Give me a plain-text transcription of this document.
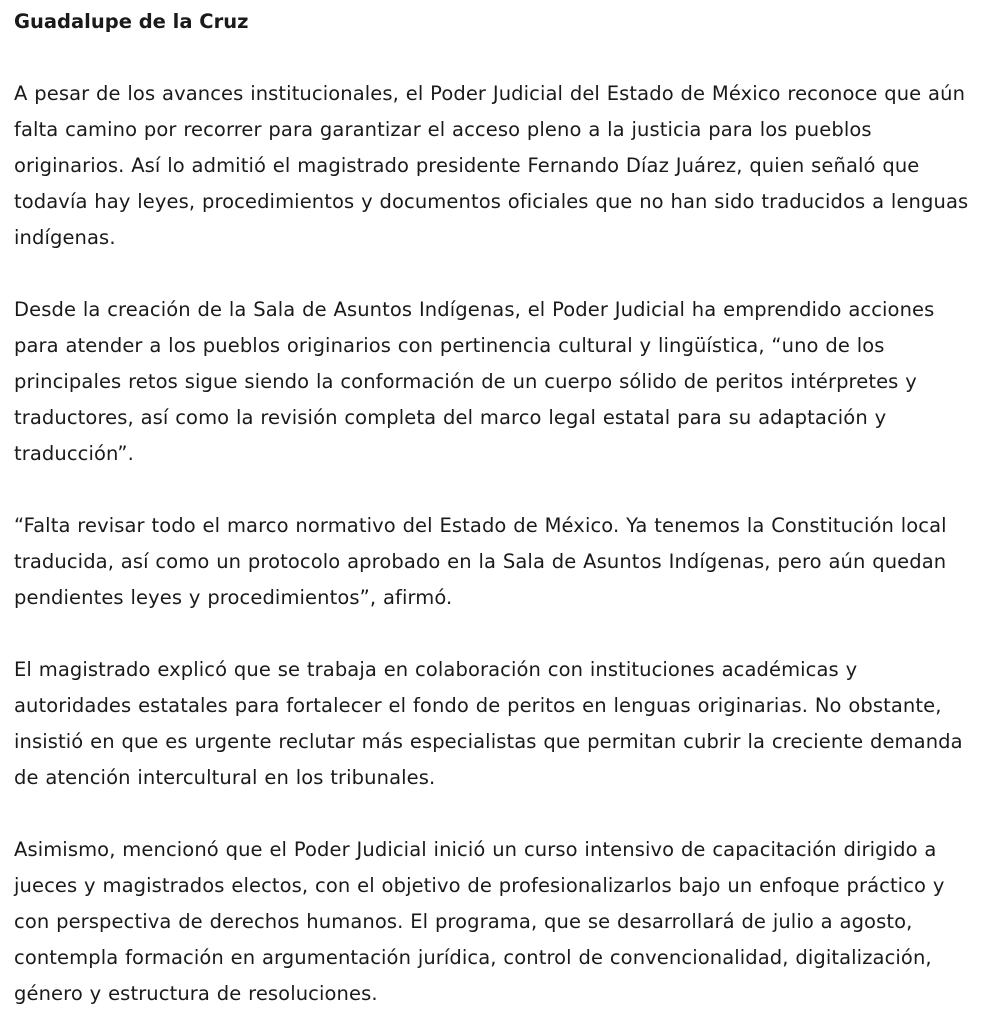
Guadalupe de la Cruz

A pesar de los avances institucionales, el Poder Judicial del Estado de México reconoce que aún falta camino por recorrer para garantizar el acceso pleno a la justicia para los pueblos originarios. Así lo admitió el magistrado presidente Fernando Díaz Juárez, quien señaló que todavía hay leyes, procedimientos y documentos oficiales que no han sido traducidos a lenguas indígenas.

Desde la creación de la Sala de Asuntos Indígenas, el Poder Judicial ha emprendido acciones para atender a los pueblos originarios con pertinencia cultural y lingüística, “uno de los principales retos sigue siendo la conformación de un cuerpo sólido de peritos intérpretes y traductores, así como la revisión completa del marco legal estatal para su adaptación y traducción”.

“Falta revisar todo el marco normativo del Estado de México. Ya tenemos la Constitución local traducida, así como un protocolo aprobado en la Sala de Asuntos Indígenas, pero aún quedan pendientes leyes y procedimientos”, afirmó.

El magistrado explicó que se trabaja en colaboración con instituciones académicas y autoridades estatales para fortalecer el fondo de peritos en lenguas originarias. No obstante, insistió en que es urgente reclutar más especialistas que permitan cubrir la creciente demanda de atención intercultural en los tribunales.

Asimismo, mencionó que el Poder Judicial inició un curso intensivo de capacitación dirigido a jueces y magistrados electos, con el objetivo de profesionalizarlos bajo un enfoque práctico y con perspectiva de derechos humanos. El programa, que se desarrollará de julio a agosto, contempla formación en argumentación jurídica, control de convencionalidad, digitalización, género y estructura de resoluciones.
